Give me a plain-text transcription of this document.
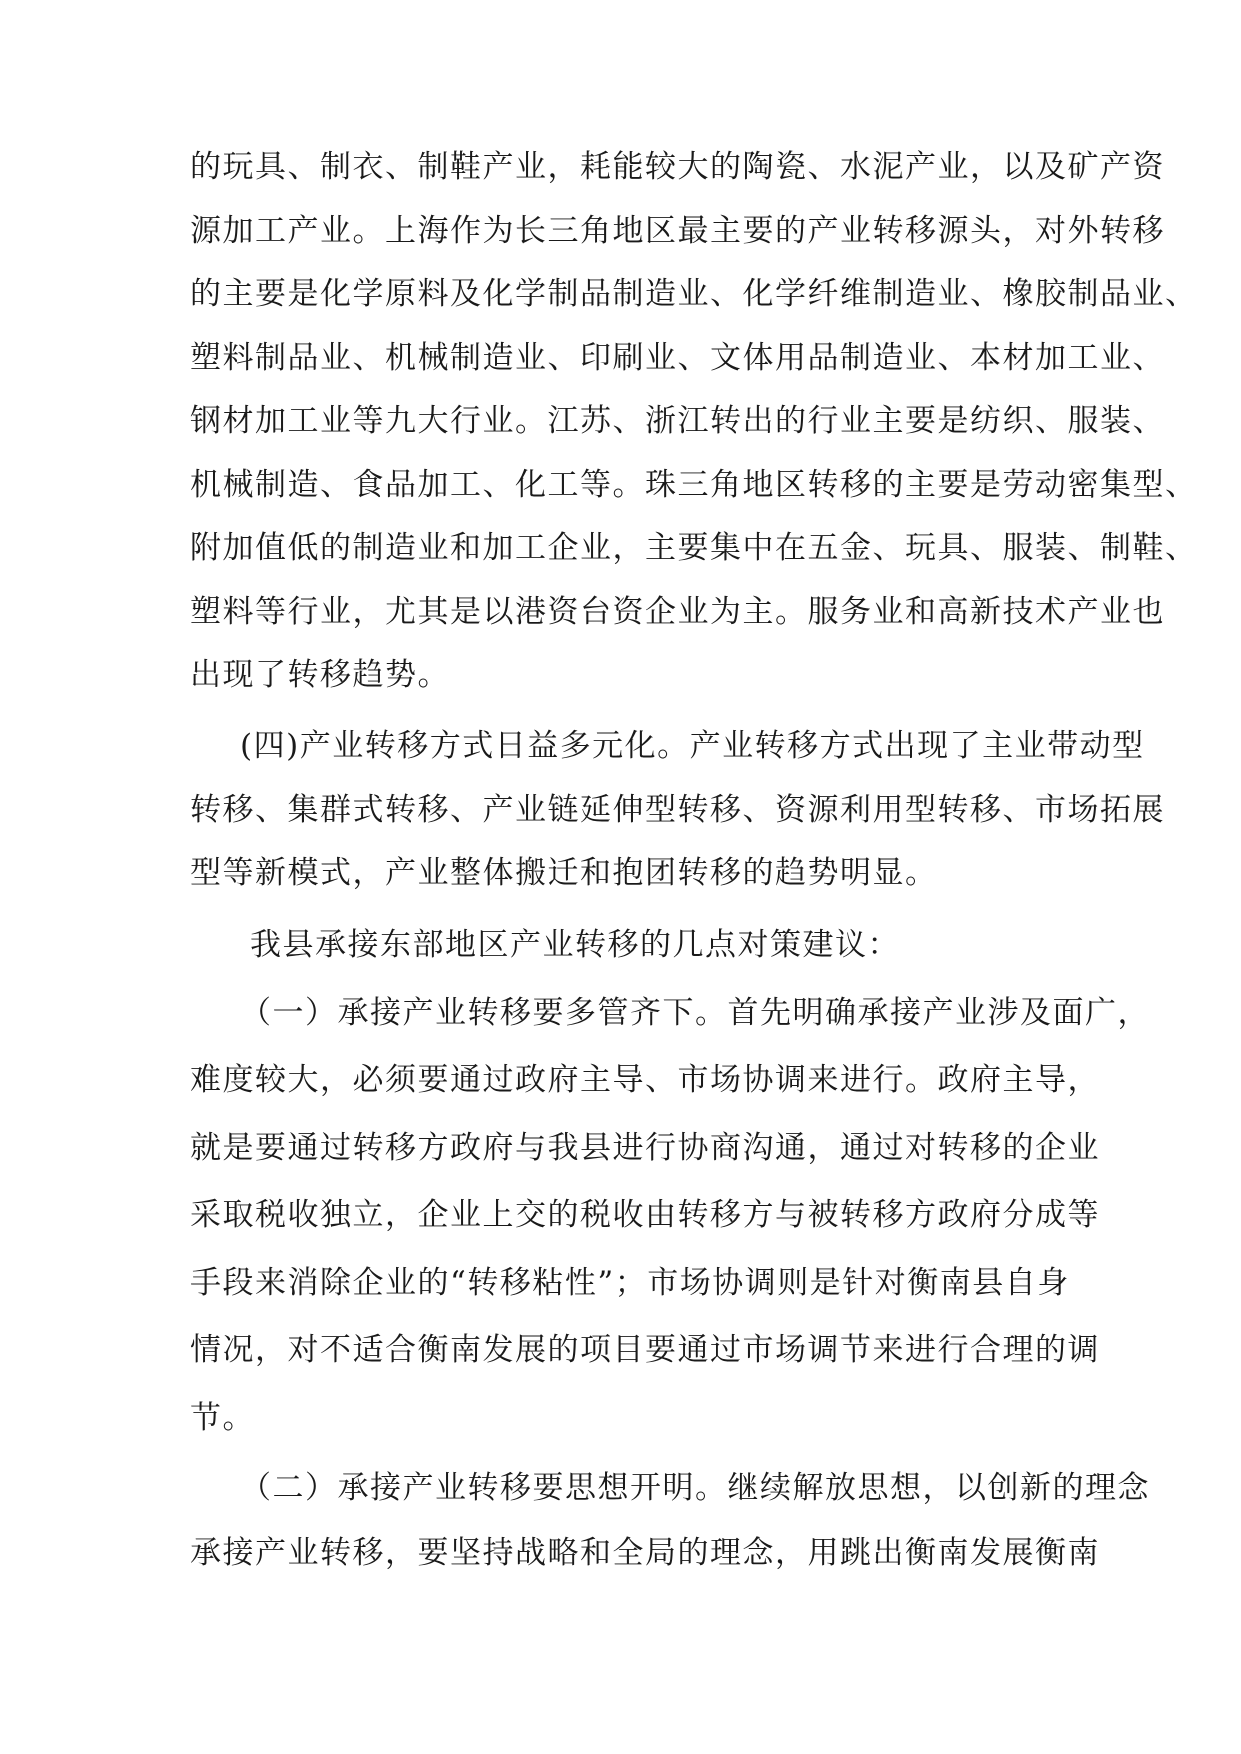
的玩具、制衣、制鞋产业，耗能较大的陶瓷、水泥产业，以及矿产资
源加工产业。上海作为长三角地区最主要的产业转移源头，对外转移
的主要是化学原料及化学制品制造业、化学纤维制造业、橡胶制品业、
塑料制品业、机械制造业、印刷业、文体用品制造业、本材加工业、
钢材加工业等九大行业。江苏、浙江转出的行业主要是纺织、服装、
机械制造、食品加工、化工等。珠三角地区转移的主要是劳动密集型、
附加值低的制造业和加工企业，主要集中在五金、玩具、服装、制鞋、
塑料等行业，尤其是以港资台资企业为主。服务业和高新技术产业也
出现了转移趋势。
(四)产业转移方式日益多元化。产业转移方式出现了主业带动型
转移、集群式转移、产业链延伸型转移、资源利用型转移、市场拓展
型等新模式，产业整体搬迁和抱团转移的趋势明显。
我县承接东部地区产业转移的几点对策建议：
（一）承接产业转移要多管齐下。首先明确承接产业涉及面广，
难度较大，必须要通过政府主导、市场协调来进行。政府主导，
就是要通过转移方政府与我县进行协商沟通，通过对转移的企业
采取税收独立，企业上交的税收由转移方与被转移方政府分成等
手段来消除企业的“转移粘性”；市场协调则是针对衡南县自身
情况，对不适合衡南发展的项目要通过市场调节来进行合理的调
节。
（二）承接产业转移要思想开明。继续解放思想，以创新的理念
承接产业转移，要坚持战略和全局的理念，用跳出衡南发展衡南
